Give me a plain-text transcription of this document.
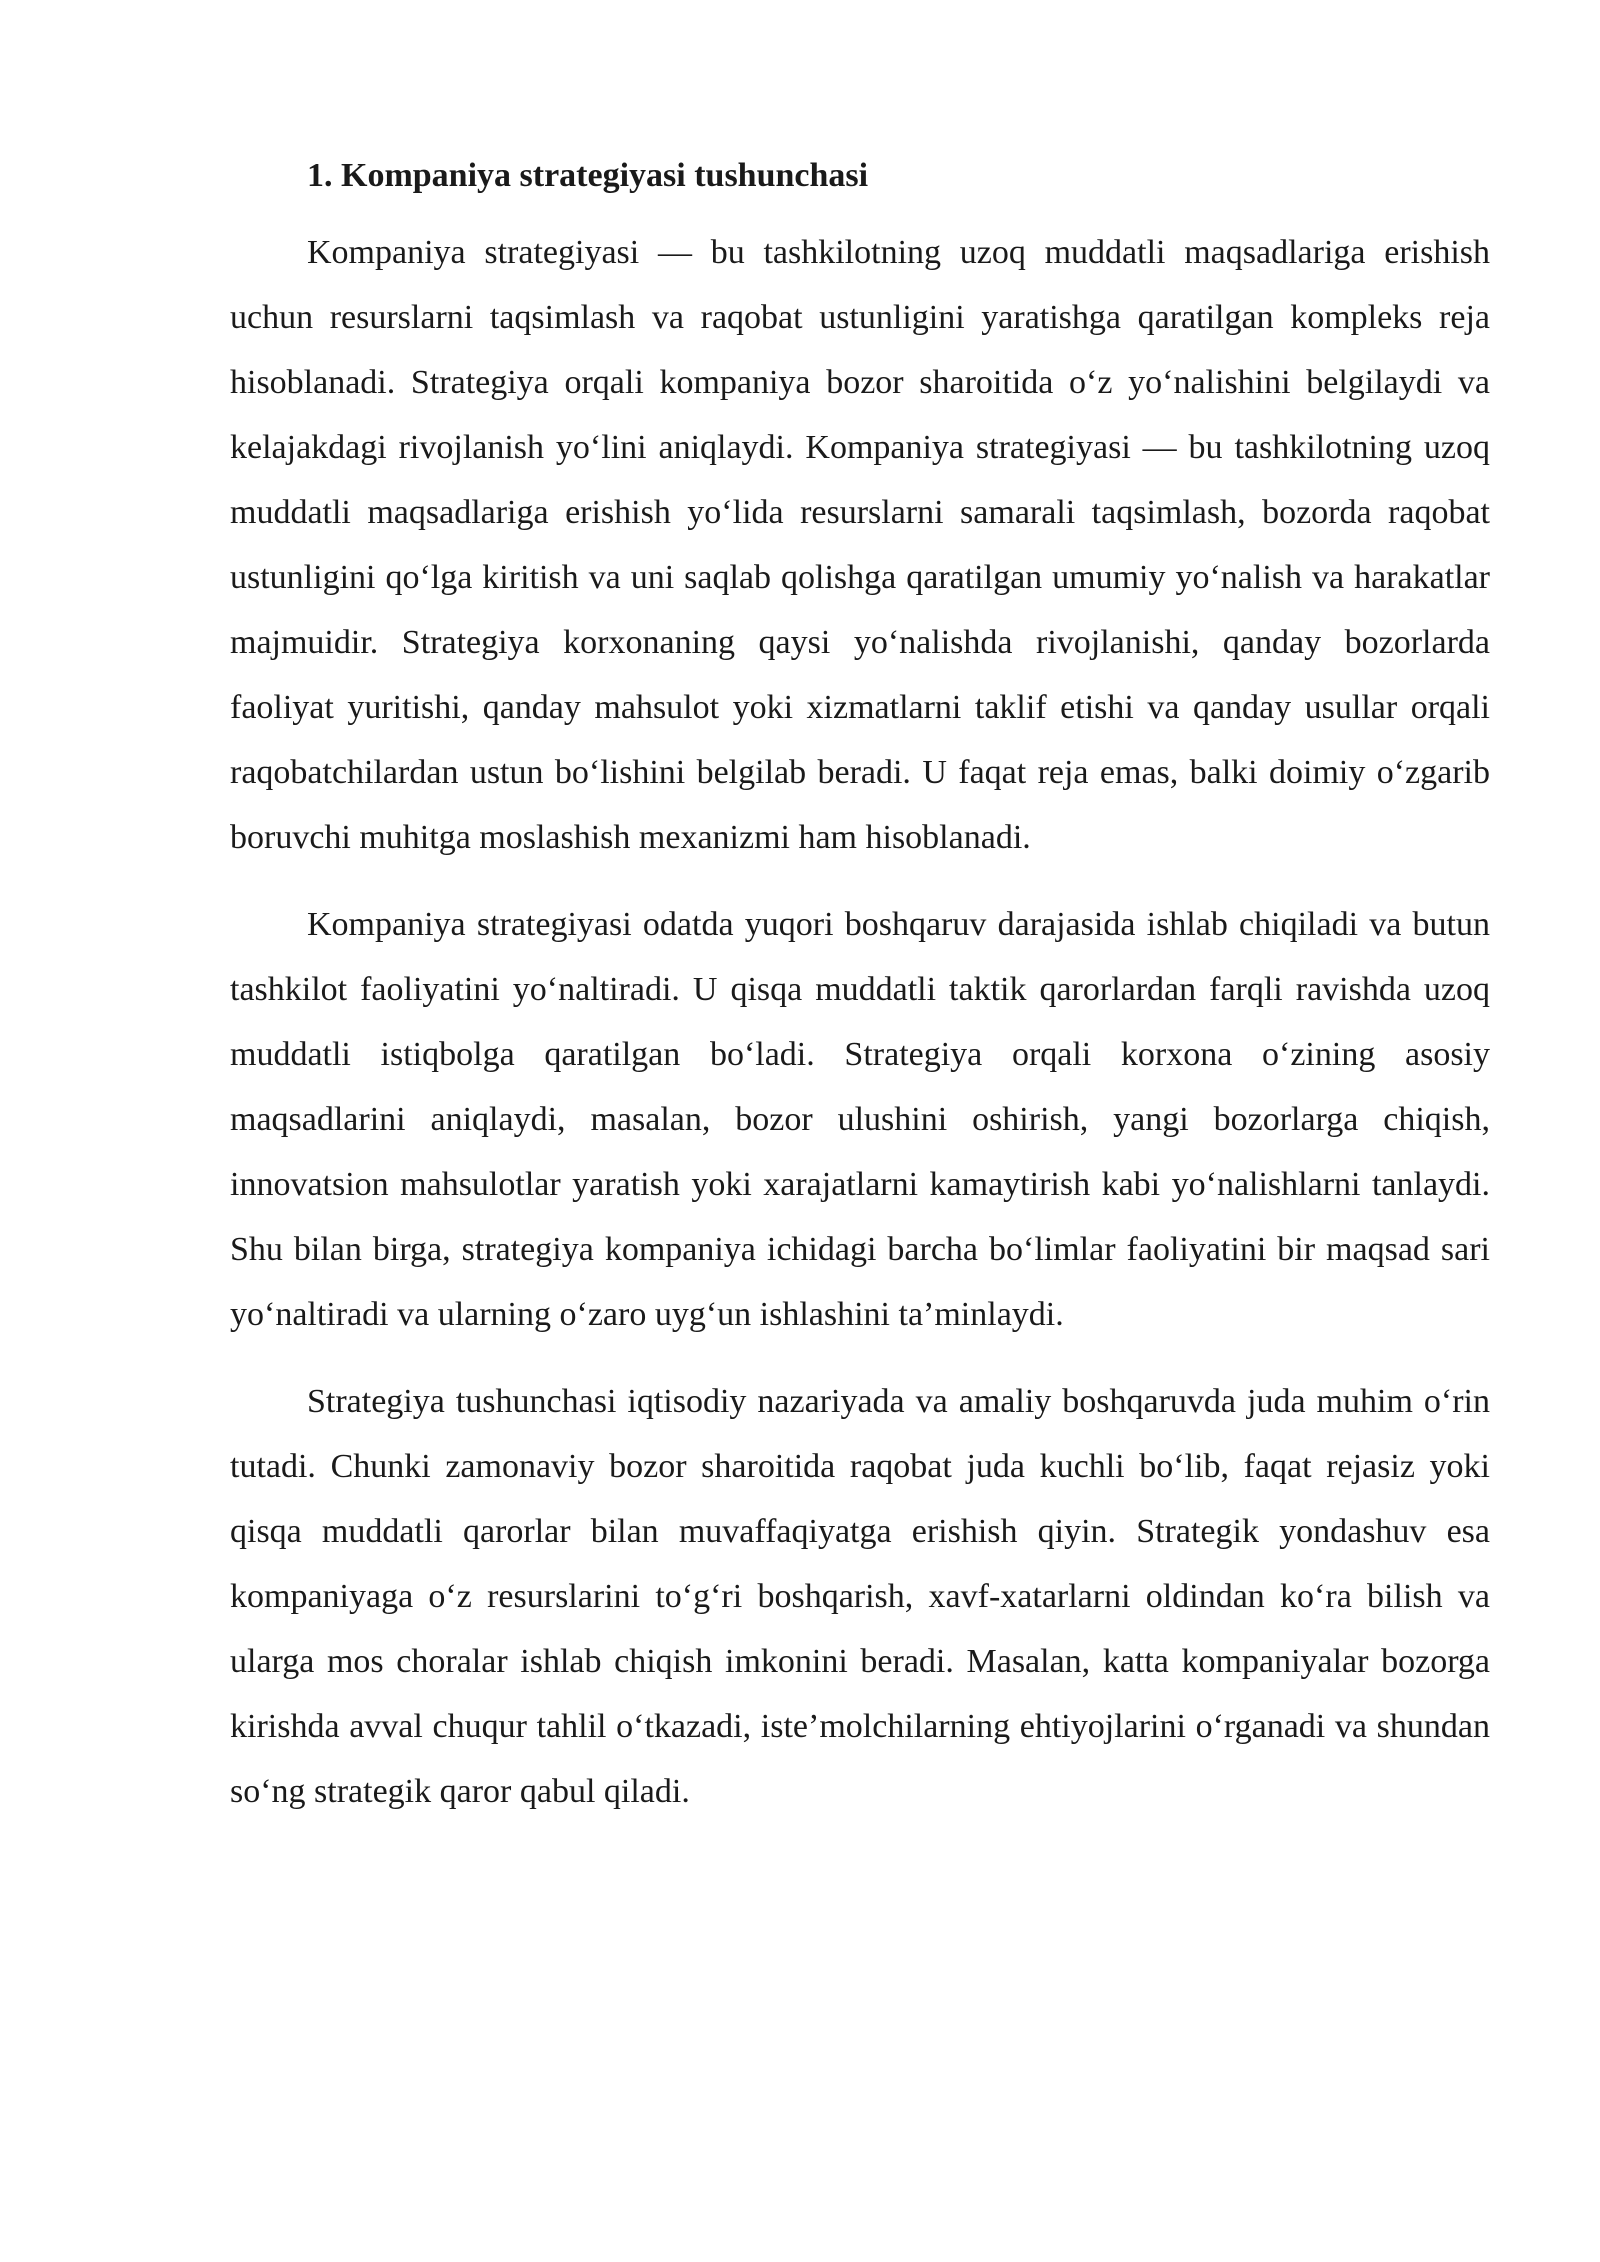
1. Kompaniya strategiyasi tushunchasi

Kompaniya strategiyasi — bu tashkilotning uzoq muddatli maqsadlariga erishish uchun resurslarni taqsimlash va raqobat ustunligini yaratishga qaratilgan kompleks reja hisoblanadi. Strategiya orqali kompaniya bozor sharoitida o‘z yo‘nalishini belgilaydi va kelajakdagi rivojlanish yo‘lini aniqlaydi. Kompaniya strategiyasi — bu tashkilotning uzoq muddatli maqsadlariga erishish yo‘lida resurslarni samarali taqsimlash, bozorda raqobat ustunligini qo‘lga kiritish va uni saqlab qolishga qaratilgan umumiy yo‘nalish va harakatlar majmuidir. Strategiya korxonaning qaysi yo‘nalishda rivojlanishi, qanday bozorlarda faoliyat yuritishi, qanday mahsulot yoki xizmatlarni taklif etishi va qanday usullar orqali raqobatchilardan ustun bo‘lishini belgilab beradi. U faqat reja emas, balki doimiy o‘zgarib boruvchi muhitga moslashish mexanizmi ham hisoblanadi.

Kompaniya strategiyasi odatda yuqori boshqaruv darajasida ishlab chiqiladi va butun tashkilot faoliyatini yo‘naltiradi. U qisqa muddatli taktik qarorlardan farqli ravishda uzoq muddatli istiqbolga qaratilgan bo‘ladi. Strategiya orqali korxona o‘zining asosiy maqsadlarini aniqlaydi, masalan, bozor ulushini oshirish, yangi bozorlarga chiqish, innovatsion mahsulotlar yaratish yoki xarajatlarni kamaytirish kabi yo‘nalishlarni tanlaydi. Shu bilan birga, strategiya kompaniya ichidagi barcha bo‘limlar faoliyatini bir maqsad sari yo‘naltiradi va ularning o‘zaro uyg‘un ishlashini ta’minlaydi.

Strategiya tushunchasi iqtisodiy nazariyada va amaliy boshqaruvda juda muhim o‘rin tutadi. Chunki zamonaviy bozor sharoitida raqobat juda kuchli bo‘lib, faqat rejasiz yoki qisqa muddatli qarorlar bilan muvaffaqiyatga erishish qiyin. Strategik yondashuv esa kompaniyaga o‘z resurslarini to‘g‘ri boshqarish, xavf-xatarlarni oldindan ko‘ra bilish va ularga mos choralar ishlab chiqish imkonini beradi. Masalan, katta kompaniyalar bozorga kirishda avval chuqur tahlil o‘tkazadi, iste’molchilarning ehtiyojlarini o‘rganadi va shundan so‘ng strategik qaror qabul qiladi.
